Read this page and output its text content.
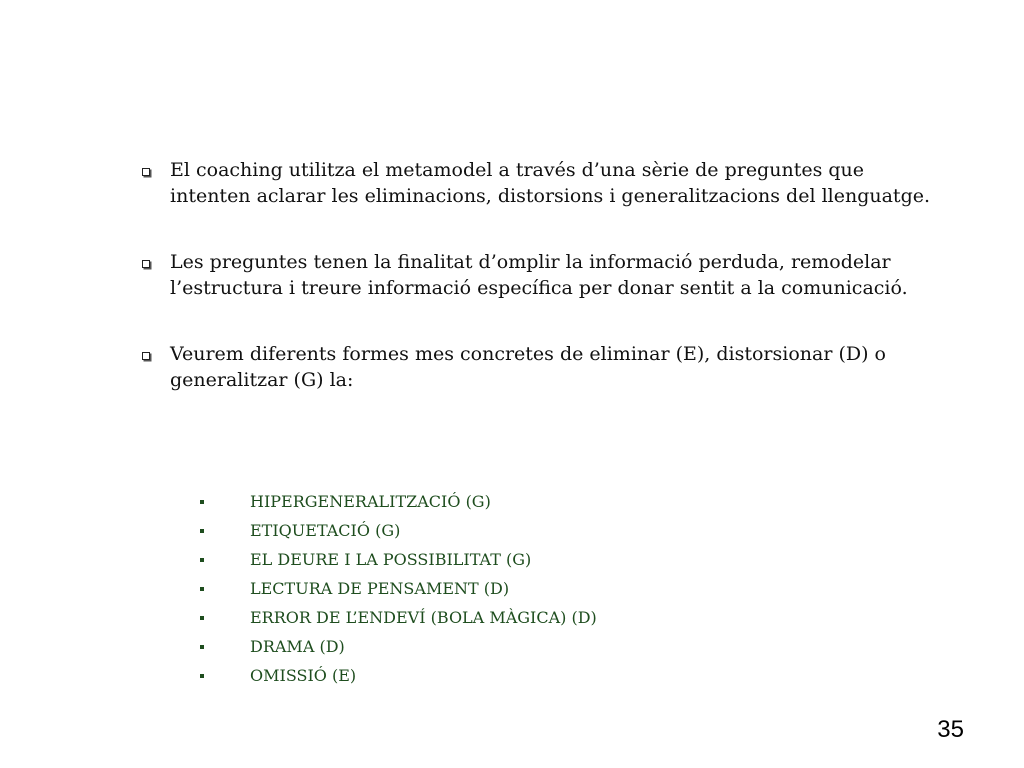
El coaching utilitza el metamodel a través d’una sèrie de preguntes que intenten aclarar les eliminacions, distorsions i generalitzacions del llenguatge.
Les preguntes tenen la finalitat d’omplir la informació perduda, remodelar l’estructura i treure informació específica per donar sentit a la comunicació.
Veurem diferents formes mes concretes de eliminar (E), distorsionar (D) o generalitzar (G) la:
HIPERGENERALITZACIÓ (G)
ETIQUETACIÓ (G)
EL DEURE I LA POSSIBILITAT (G)
LECTURA DE PENSAMENT (D)
ERROR DE L’ENDEVÍ (BOLA MÀGICA) (D)
DRAMA (D)
OMISSIÓ (E)
35
